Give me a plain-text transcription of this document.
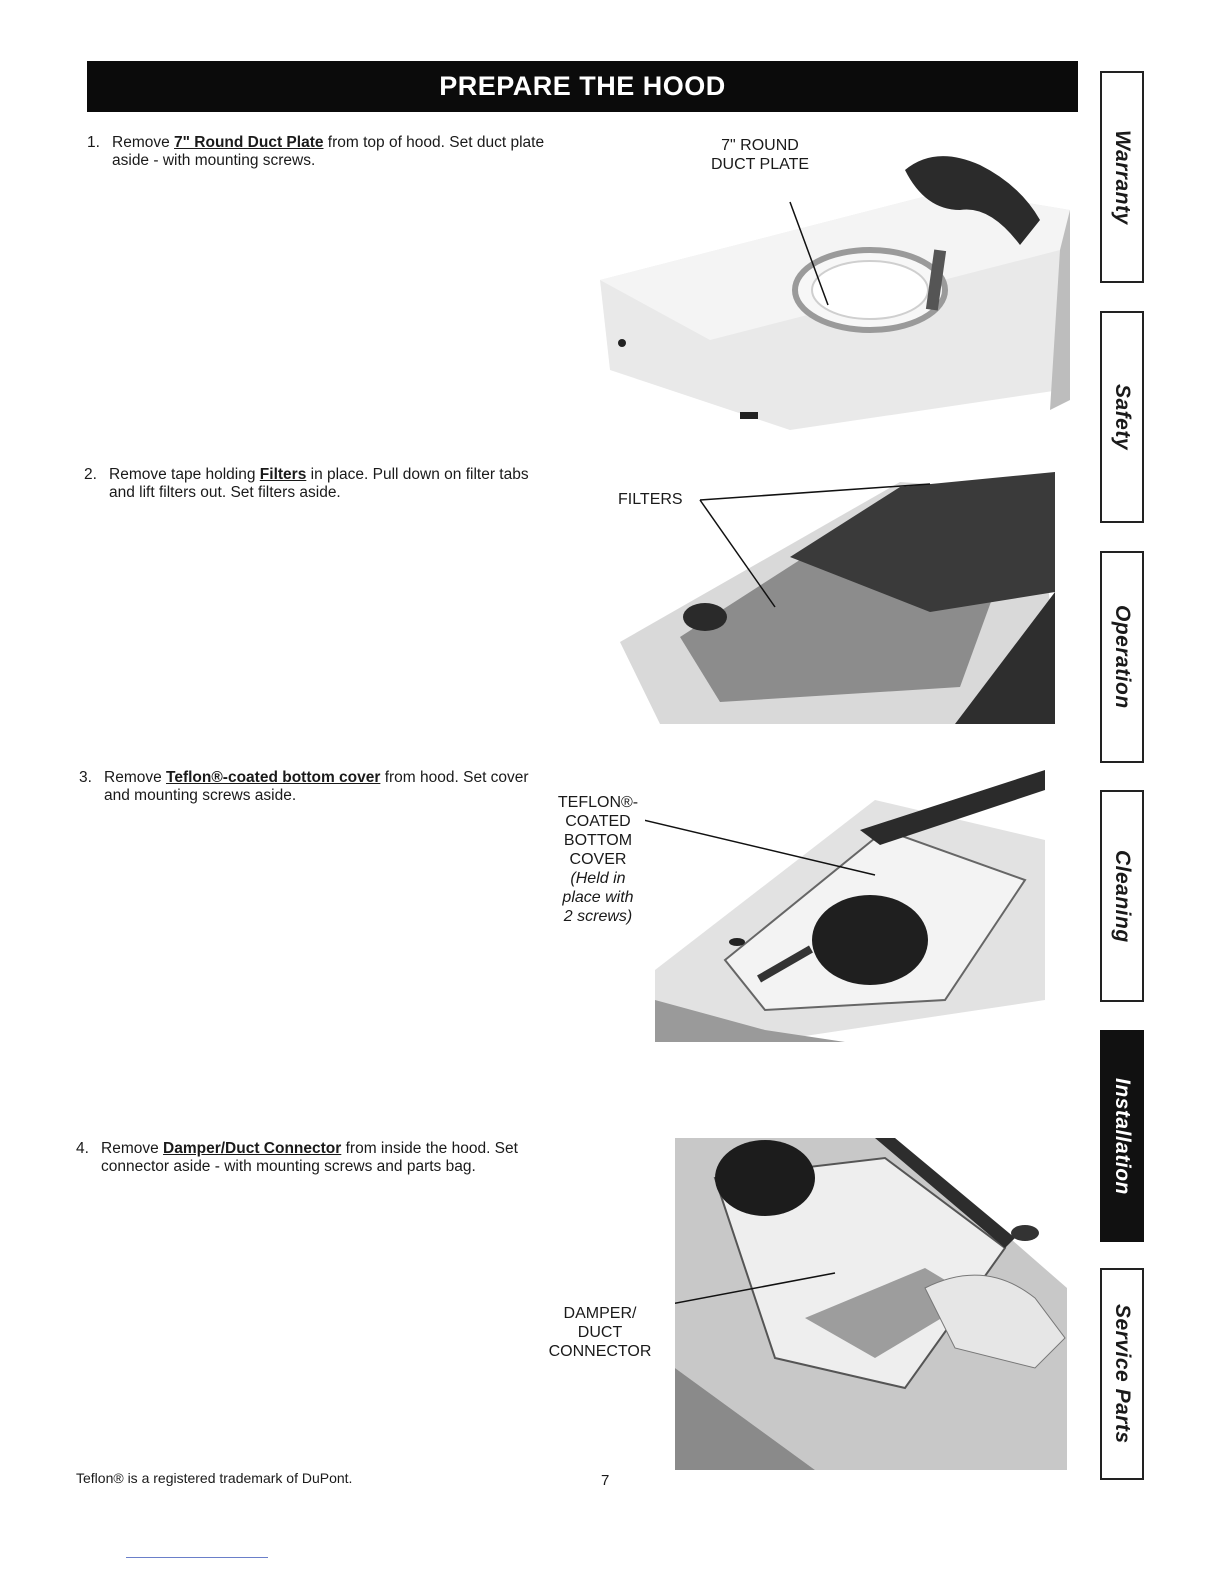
PREPARE THE HOOD
1. Remove 7" Round Duct Plate from top of hood. Set duct plate aside - with mounting screws.
2. Remove tape holding Filters in place. Pull down on filter tabs and lift filters out. Set filters aside.
3. Remove Teflon®-coated bottom cover from hood. Set cover and mounting screws aside.
4. Remove Damper/Duct Connector from inside the hood. Set connector aside - with mounting screws and parts bag.
7" ROUND
DUCT PLATE
FILTERS
TEFLON®-
COATED
BOTTOM
COVER
(Held in
place with
2 screws)
DAMPER/
DUCT
CONNECTOR
Warranty
Safety
Operation
Cleaning
Installation
Service Parts
Teflon® is a registered trademark of DuPont.	7
